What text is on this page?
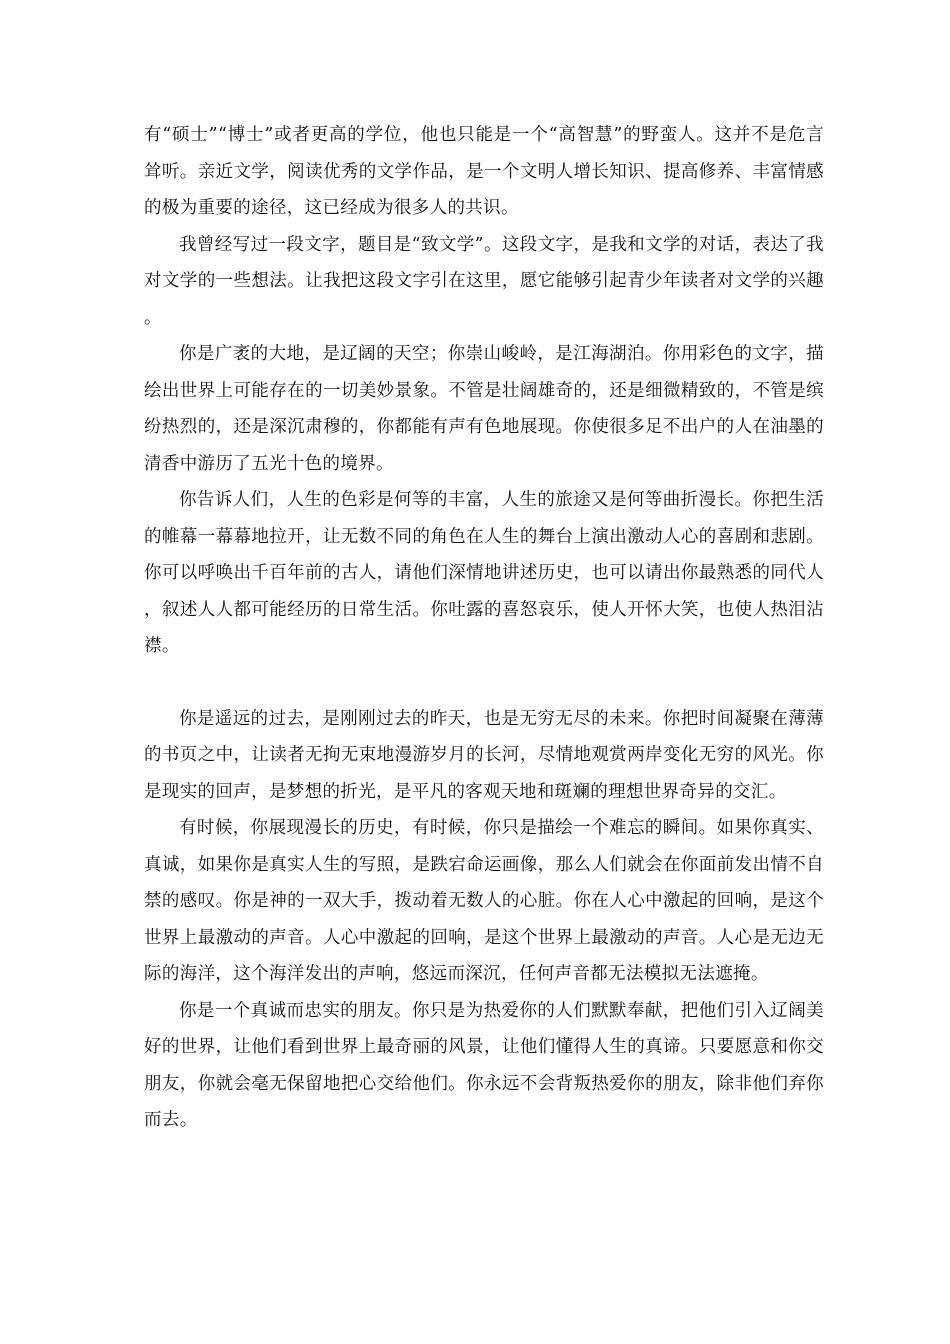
有“硕士”“博士”或者更高的学位，他也只能是一个“高智慧”的野蛮人。这并不是危言耸听。亲近文学，阅读优秀的文学作品，是一个文明人增长知识、提高修养、丰富情感的极为重要的途径，这已经成为很多人的共识。

我曾经写过一段文字，题目是“致文学”。这段文字，是我和文学的对话，表达了我对文学的一些想法。让我把这段文字引在这里，愿它能够引起青少年读者对文学的兴趣。

你是广袤的大地，是辽阔的天空；你崇山峻岭，是江海湖泊。你用彩色的文字，描绘出世界上可能存在的一切美妙景象。不管是壮阔雄奇的，还是细微精致的，不管是缤纷热烈的，还是深沉肃穆的，你都能有声有色地展现。你使很多足不出户的人在油墨的清香中游历了五光十色的境界。

你告诉人们，人生的色彩是何等的丰富，人生的旅途又是何等曲折漫长。你把生活的帷幕一幕幕地拉开，让无数不同的角色在人生的舞台上演出激动人心的喜剧和悲剧。你可以呼唤出千百年前的古人，请他们深情地讲述历史，也可以请出你最熟悉的同代人，叙述人人都可能经历的日常生活。你吐露的喜怒哀乐，使人开怀大笑，也使人热泪沾襟。

你是遥远的过去，是刚刚过去的昨天，也是无穷无尽的未来。你把时间凝聚在薄薄的书页之中，让读者无拘无束地漫游岁月的长河，尽情地观赏两岸变化无穷的风光。你是现实的回声，是梦想的折光，是平凡的客观天地和斑斓的理想世界奇异的交汇。

有时候，你展现漫长的历史，有时候，你只是描绘一个难忘的瞬间。如果你真实、真诚，如果你是真实人生的写照，是跌宕命运画像，那么人们就会在你面前发出情不自禁的感叹。你是神的一双大手，拨动着无数人的心脏。你在人心中激起的回响，是这个世界上最激动的声音。人心中激起的回响，是这个世界上最激动的声音。人心是无边无际的海洋，这个海洋发出的声响，悠远而深沉，任何声音都无法模拟无法遮掩。

你是一个真诚而忠实的朋友。你只是为热爱你的人们默默奉献，把他们引入辽阔美好的世界，让他们看到世界上最奇丽的风景，让他们懂得人生的真谛。只要愿意和你交朋友，你就会毫无保留地把心交给他们。你永远不会背叛热爱你的朋友，除非他们弃你而去。
